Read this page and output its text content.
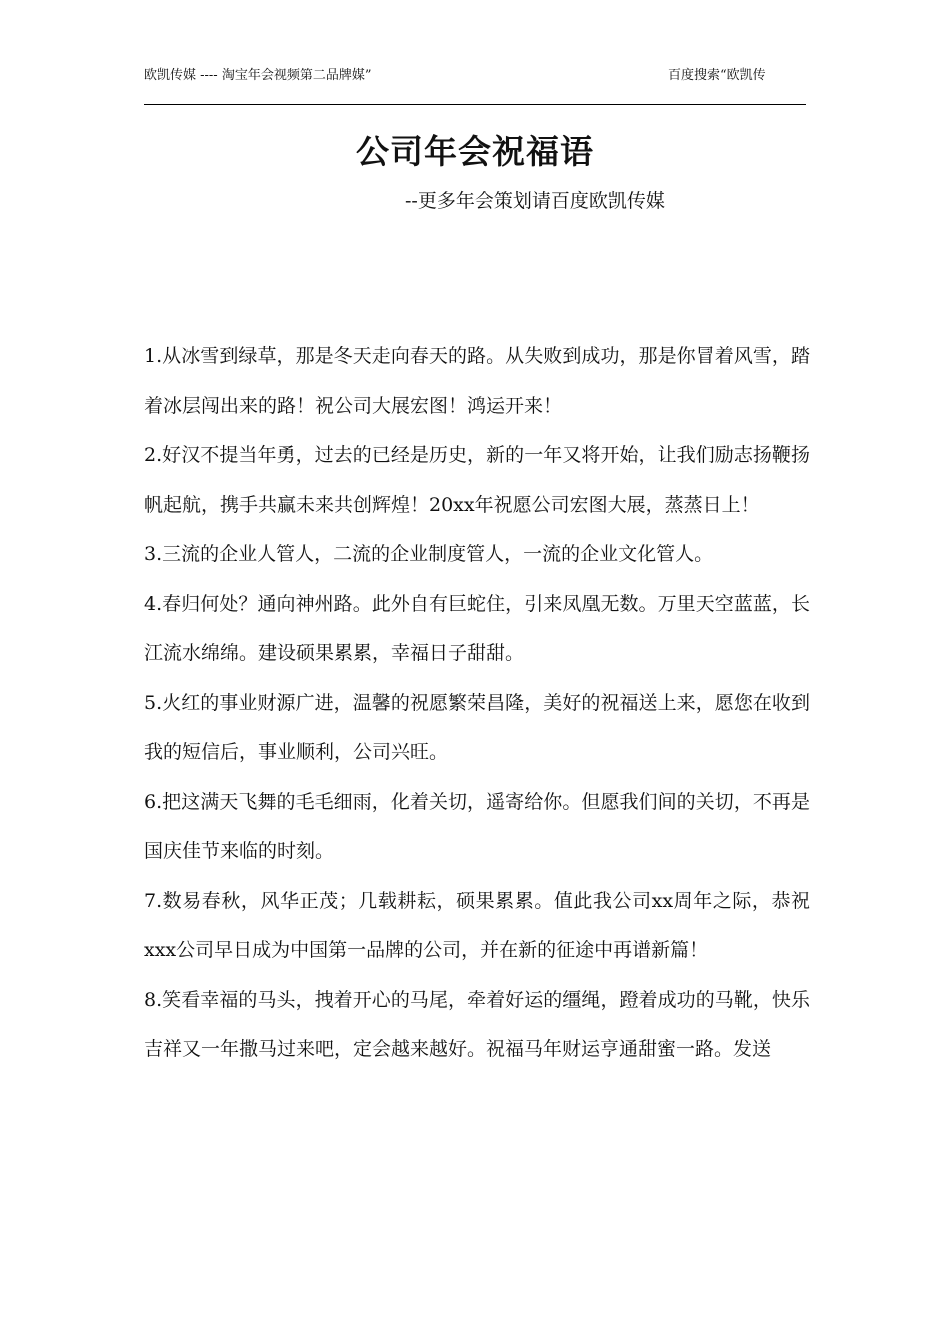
欧凯传媒 ---- 淘宝年会视频第二品牌媒”	百度搜索“欧凯传
公司年会祝福语
--更多年会策划请百度欧凯传媒
1.从冰雪到绿草，那是冬天走向春天的路。从失败到成功，那是你冒着风雪，踏着冰层闯出来的路！祝公司大展宏图！鸿运开来！
2.好汉不提当年勇，过去的已经是历史，新的一年又将开始，让我们励志扬鞭扬帆起航，携手共赢未来共创辉煌！20xx年祝愿公司宏图大展，蒸蒸日上！
3.三流的企业人管人，二流的企业制度管人，一流的企业文化管人。
4.春归何处？通向神州路。此外自有巨蛇住，引来凤凰无数。万里天空蓝蓝，长江流水绵绵。建设硕果累累，幸福日子甜甜。
5.火红的事业财源广进，温馨的祝愿繁荣昌隆，美好的祝福送上来，愿您在收到我的短信后，事业顺利，公司兴旺。
6.把这满天飞舞的毛毛细雨，化着关切，遥寄给你。但愿我们间的关切，不再是国庆佳节来临的时刻。
7.数易春秋，风华正茂；几载耕耘，硕果累累。值此我公司xx周年之际，恭祝xxx公司早日成为中国第一品牌的公司，并在新的征途中再谱新篇！
8.笑看幸福的马头，拽着开心的马尾，牵着好运的缰绳，蹬着成功的马靴，快乐吉祥又一年撒马过来吧，定会越来越好。祝福马年财运亨通甜蜜一路。发送
